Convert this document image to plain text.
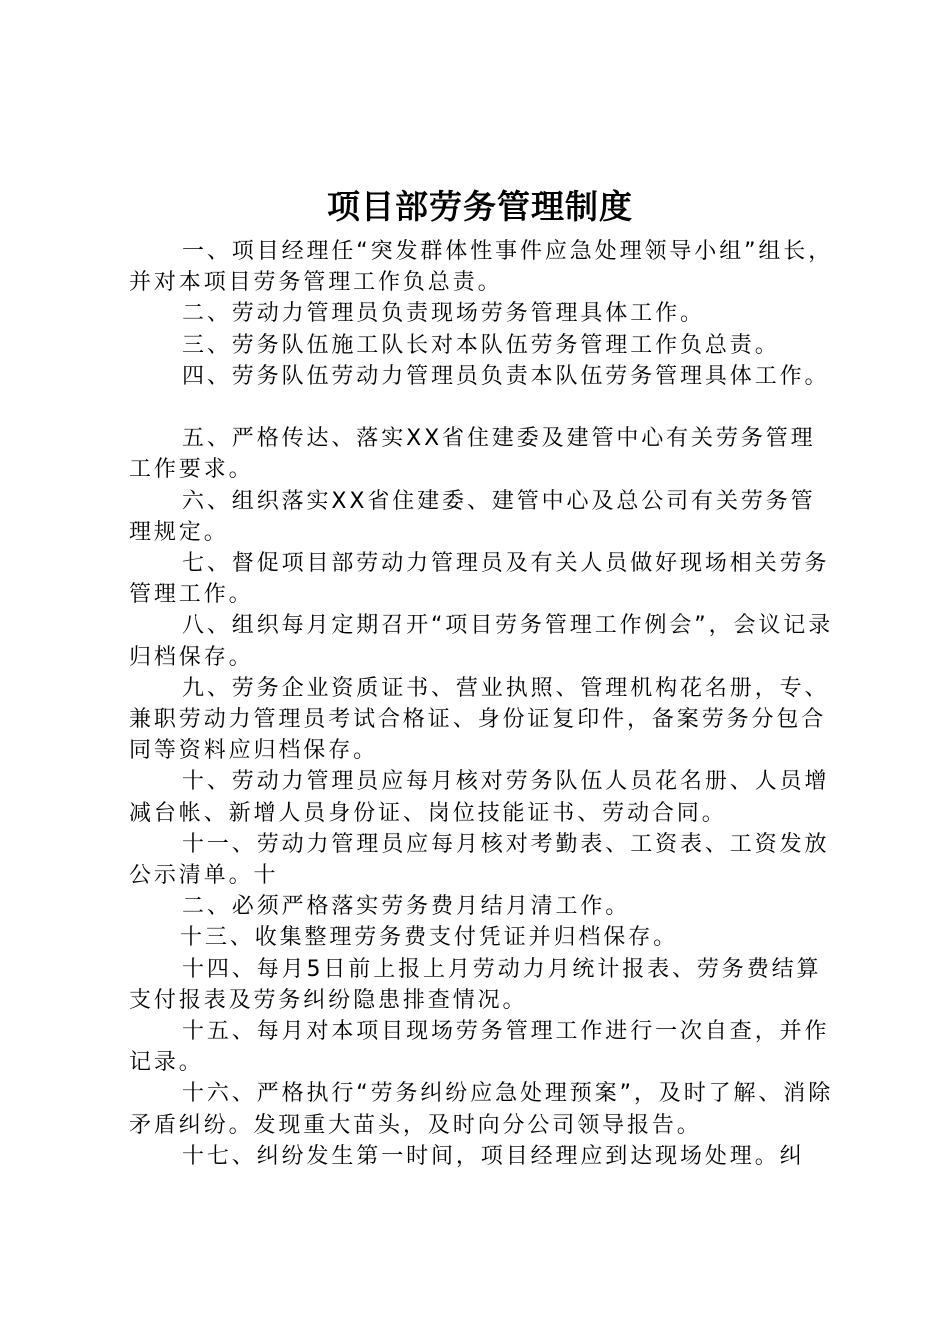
项目部劳务管理制度

一、项目经理任“突发群体性事件应急处理领导小组”组长，并对本项目劳务管理工作负总责。

二、劳动力管理员负责现场劳务管理具体工作。

三、劳务队伍施工队长对本队伍劳务管理工作负总责。

四、劳务队伍劳动力管理员负责本队伍劳务管理具体工作。

五、严格传达、落实XX省住建委及建管中心有关劳务管理工作要求。

六、组织落实XX省住建委、建管中心及总公司有关劳务管理规定。

七、督促项目部劳动力管理员及有关人员做好现场相关劳务管理工作。

八、组织每月定期召开“项目劳务管理工作例会”，会议记录归档保存。

九、劳务企业资质证书、营业执照、管理机构花名册，专、兼职劳动力管理员考试合格证、身份证复印件，备案劳务分包合同等资料应归档保存。

十、劳动力管理员应每月核对劳务队伍人员花名册、人员增减台帐、新增人员身份证、岗位技能证书、劳动合同。

十一、劳动力管理员应每月核对考勤表、工资表、工资发放公示清单。十

二、必须严格落实劳务费月结月清工作。

十三、收集整理劳务费支付凭证并归档保存。

十四、每月5日前上报上月劳动力月统计报表、劳务费结算支付报表及劳务纠纷隐患排查情况。

十五、每月对本项目现场劳务管理工作进行一次自查，并作记录。

十六、严格执行“劳务纠纷应急处理预案”，及时了解、消除矛盾纠纷。发现重大苗头，及时向分公司领导报告。

十七、纠纷发生第一时间，项目经理应到达现场处理。纠
